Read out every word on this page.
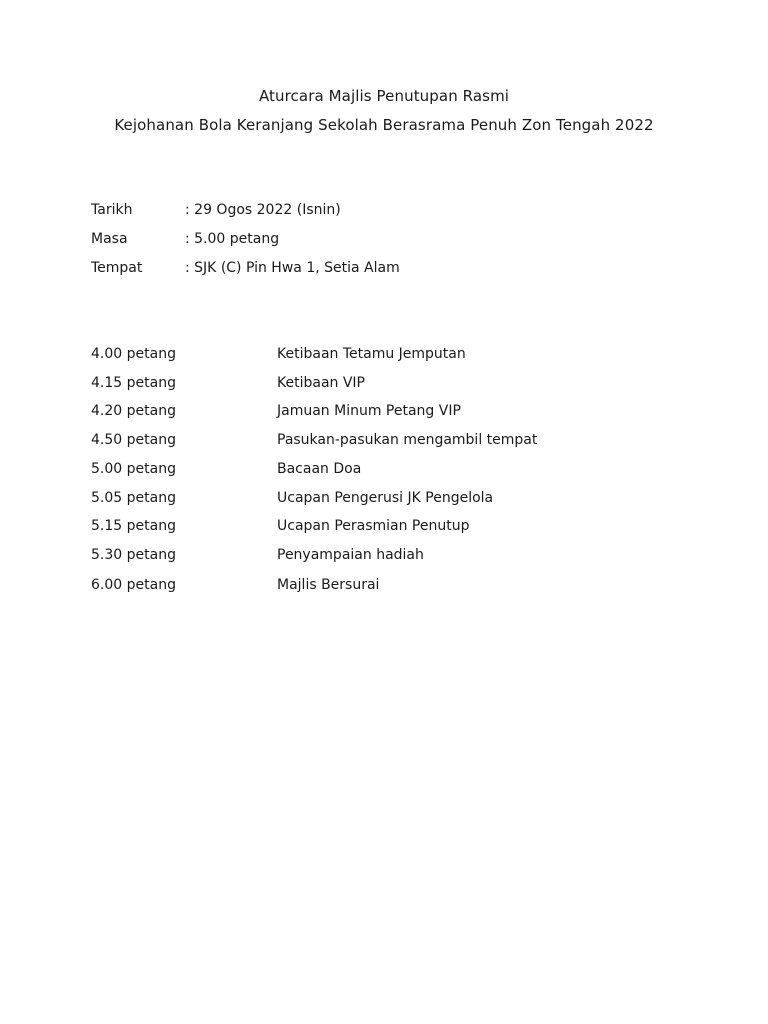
Aturcara Majlis Penutupan Rasmi
Kejohanan Bola Keranjang Sekolah Berasrama Penuh Zon Tengah 2022
Tarikh	: 29 Ogos 2022 (Isnin)
Masa	: 5.00 petang
Tempat	: SJK (C) Pin Hwa 1, Setia Alam
4.00 petang	Ketibaan Tetamu Jemputan
4.15 petang	Ketibaan VIP
4.20 petang	Jamuan Minum Petang VIP
4.50 petang	Pasukan-pasukan mengambil tempat
5.00 petang	Bacaan Doa
5.05 petang	Ucapan Pengerusi JK Pengelola
5.15 petang	Ucapan Perasmian Penutup
5.30 petang	Penyampaian hadiah
6.00 petang	Majlis Bersurai
